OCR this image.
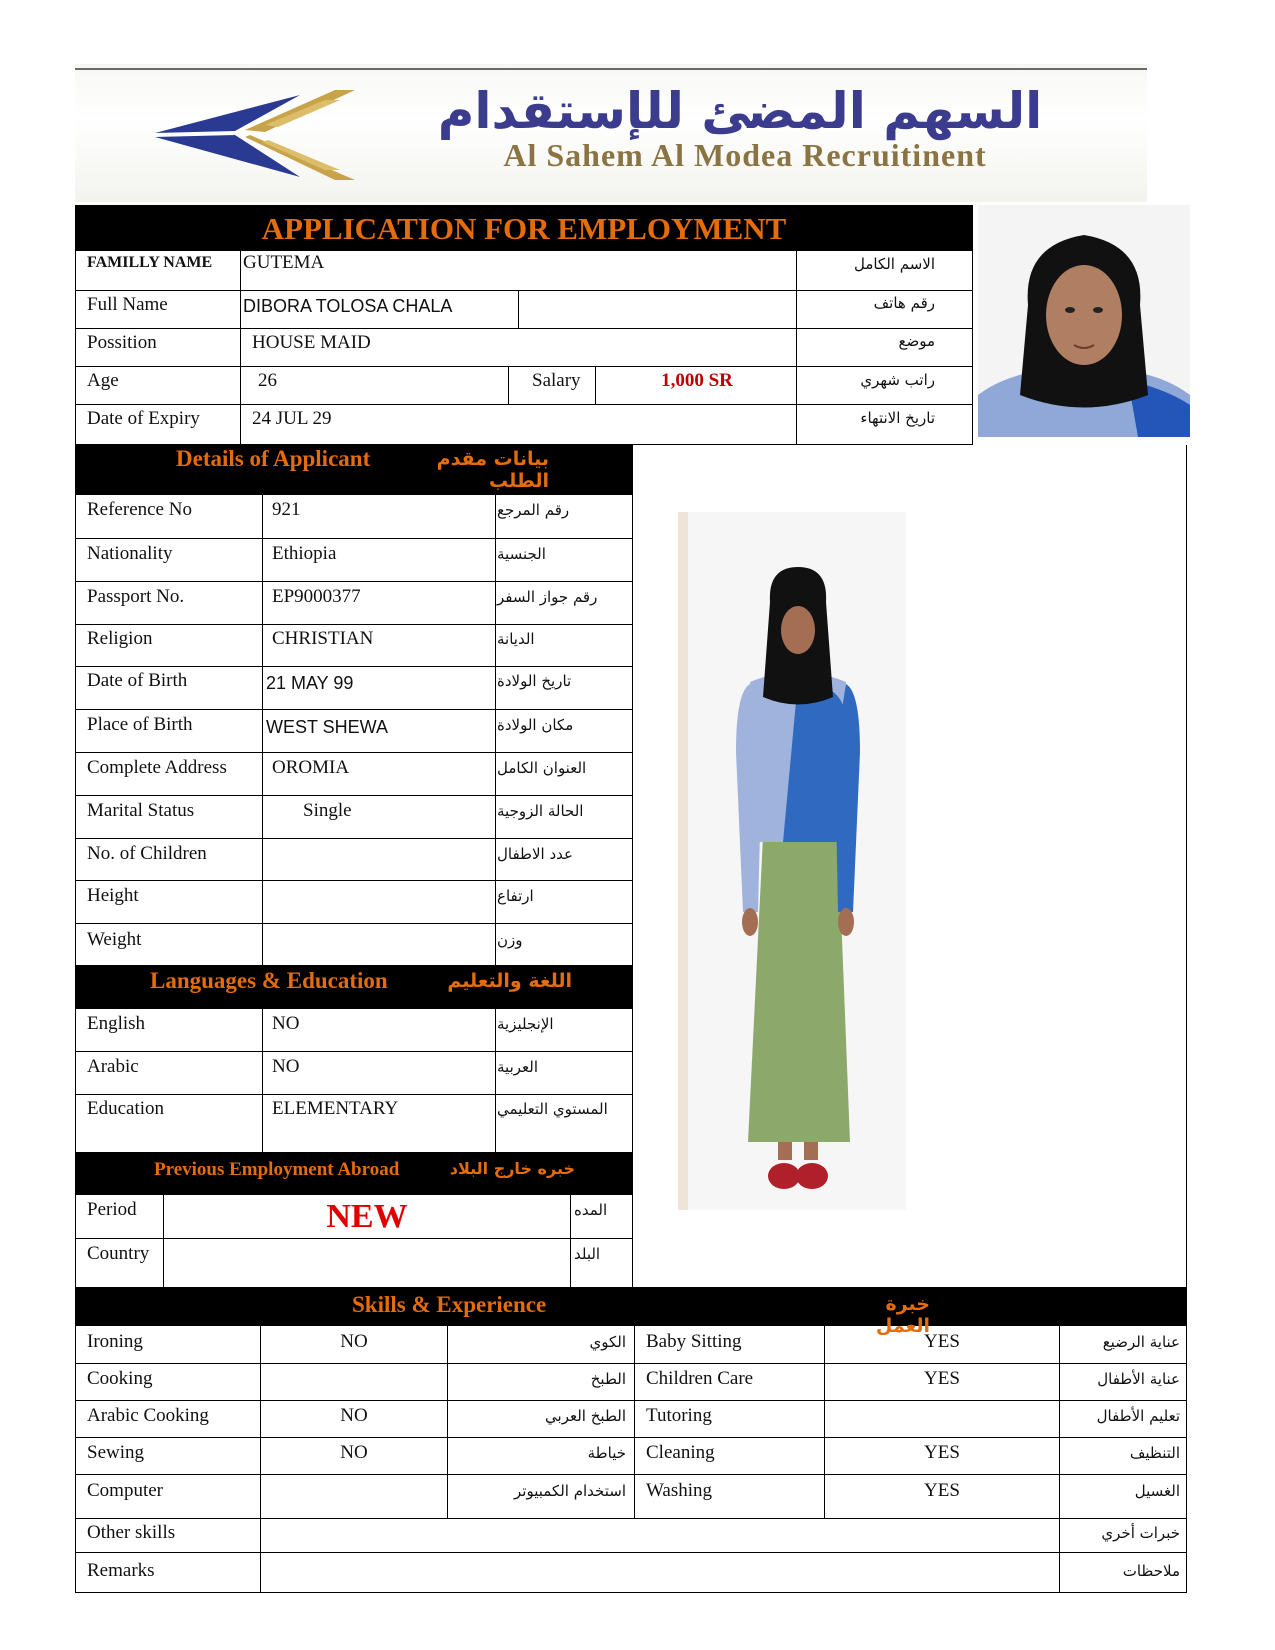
السهم المضئ للإستقدام
Al Sahem Al Modea Recruitinent
APPLICATION FOR EMPLOYMENT
FAMILLY NAME	GUTEMA	الاسم الكامل
Full Name	DIBORA TOLOSA CHALA	رقم هاتف
Possition	HOUSE MAID	موضع
Age	26	Salary	1,000 SR	راتب شهري
Date of Expiry	24 JUL 29	تاريخ الانتهاء
Details of Applicant	بيانات مقدم الطلب
Reference No	921	رقم المرجع
Nationality	Ethiopia	الجنسية
Passport No.	EP9000377	رقم جواز السفر
Religion	CHRISTIAN	الديانة
Date of Birth	21 MAY 99	تاريخ الولادة
Place of Birth	WEST SHEWA	مكان الولادة
Complete Address	OROMIA	العنوان الكامل
Marital Status	Single	الحالة الزوجية
No. of Children	عدد الاطفال
Height	ارتفاع
Weight	وزن
Languages & Education	اللغة والتعليم
English	NO	الإنجليزية
Arabic	NO	العربية
Education	ELEMENTARY	المستوي التعليمي
Previous Employment Abroad	خبره خارج البلاد
Period	NEW	المده
Country	البلد
Skills & Experience	خبرة العمل
Ironing	NO	الكوي Baby Sitting	YES	عناية الرضيع
Cooking	الطبخ Children Care	YES	عناية الأطفال
Arabic Cooking	NO	الطبخ العربي Tutoring	تعليم الأطفال
Sewing	NO	خياطة Cleaning	YES	التنظيف
Computer	استخدام الكمبيوتر Washing	YES	الغسيل
Other skills	خبرات أخري
Remarks	ملاحظات
